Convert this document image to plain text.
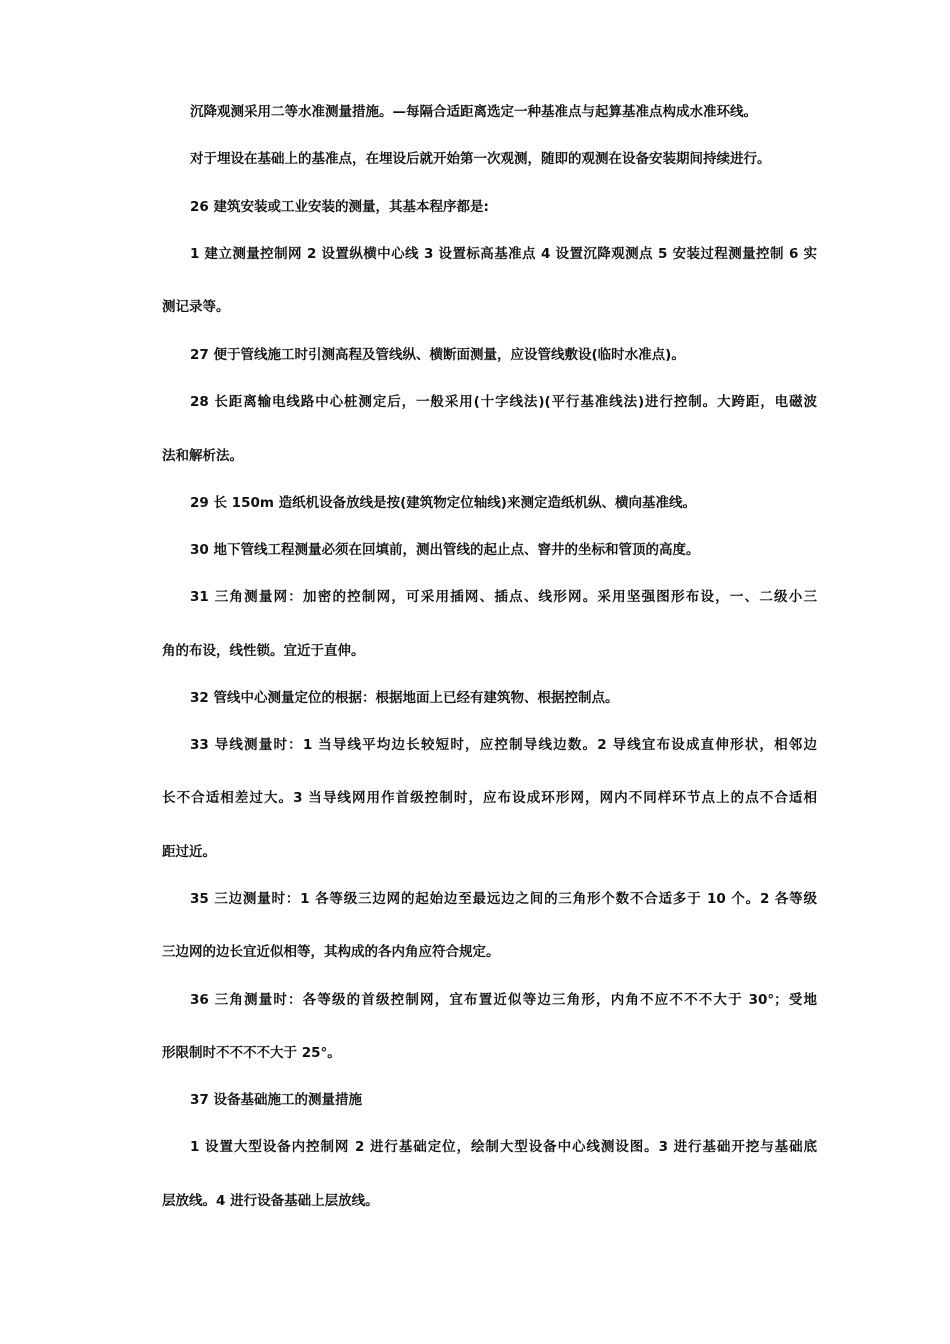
沉降观测采用二等水准测量措施。—每隔合适距离选定一种基准点与起算基准点构成水准环线。
对于埋设在基础上的基准点，在埋设后就开始第一次观测，随即的观测在设备安装期间持续进行。
26 建筑安装或工业安装的测量，其基本程序都是:
1 建立测量控制网 2 设置纵横中心线 3 设置标高基准点 4 设置沉降观测点 5 安装过程测量控制 6 实
测记录等。
27 便于管线施工时引测高程及管线纵、横断面测量，应设管线敷设(临时水准点)。
28 长距离输电线路中心桩测定后，一般采用(十字线法)(平行基准线法)进行控制。大跨距，电磁波
法和解析法。
29 长 150m 造纸机设备放线是按(建筑物定位轴线)来测定造纸机纵、横向基准线。
30 地下管线工程测量必须在回填前，测出管线的起止点、窨井的坐标和管顶的高度。
31 三角测量网：加密的控制网，可采用插网、插点、线形网。采用坚强图形布设，一、二级小三
角的布设，线性锁。宜近于直伸。
32 管线中心测量定位的根据：根据地面上已经有建筑物、根据控制点。
33 导线测量时：1 当导线平均边长较短时，应控制导线边数。2 导线宜布设成直伸形状，相邻边
长不合适相差过大。3 当导线网用作首级控制时，应布设成环形网，网内不同样环节点上的点不合适相
距过近。
35 三边测量时：1 各等级三边网的起始边至最远边之间的三角形个数不合适多于 10 个。2 各等级
三边网的边长宜近似相等，其构成的各内角应符合规定。
36 三角测量时：各等级的首级控制网，宜布置近似等边三角形，内角不应不不不大于 30°；受地
形限制时不不不不大于 25°。
37 设备基础施工的测量措施
1 设置大型设备内控制网 2 进行基础定位，绘制大型设备中心线测设图。3 进行基础开挖与基础底
层放线。4 进行设备基础上层放线。
